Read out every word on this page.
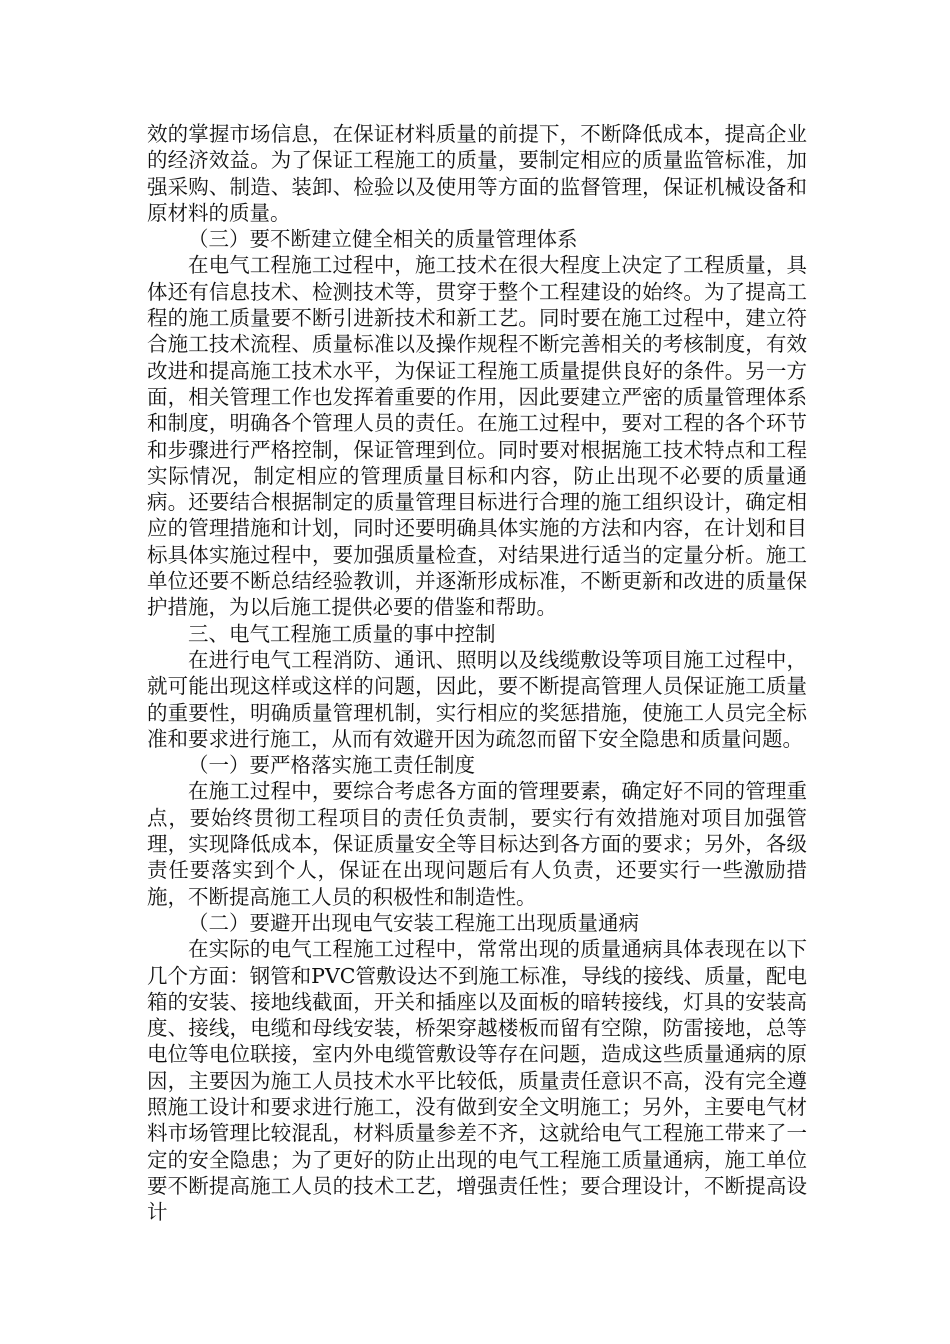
效的掌握市场信息，在保证材料质量的前提下，不断降低成本，提高企业的经济效益。为了保证工程施工的质量，要制定相应的质量监管标准，加强采购、制造、装卸、检验以及使用等方面的监督管理，保证机械设备和原材料的质量。

（三）要不断建立健全相关的质量管理体系

在电气工程施工过程中，施工技术在很大程度上决定了工程质量，具体还有信息技术、检测技术等，贯穿于整个工程建设的始终。为了提高工程的施工质量要不断引进新技术和新工艺。同时要在施工过程中，建立符合施工技术流程、质量标准以及操作规程不断完善相关的考核制度，有效改进和提高施工技术水平，为保证工程施工质量提供良好的条件。另一方面，相关管理工作也发挥着重要的作用，因此要建立严密的质量管理体系和制度，明确各个管理人员的责任。在施工过程中，要对工程的各个环节和步骤进行严格控制，保证管理到位。同时要对根据施工技术特点和工程实际情况，制定相应的管理质量目标和内容，防止出现不必要的质量通病。还要结合根据制定的质量管理目标进行合理的施工组织设计，确定相应的管理措施和计划，同时还要明确具体实施的方法和内容，在计划和目标具体实施过程中，要加强质量检查，对结果进行适当的定量分析。施工单位还要不断总结经验教训，并逐渐形成标准，不断更新和改进的质量保护措施，为以后施工提供必要的借鉴和帮助。

三、电气工程施工质量的事中控制

在进行电气工程消防、通讯、照明以及线缆敷设等项目施工过程中，就可能出现这样或这样的问题，因此，要不断提高管理人员保证施工质量的重要性，明确质量管理机制，实行相应的奖惩措施，使施工人员完全标准和要求进行施工，从而有效避开因为疏忽而留下安全隐患和质量问题。

（一）要严格落实施工责任制度

在施工过程中，要综合考虑各方面的管理要素，确定好不同的管理重点，要始终贯彻工程项目的责任负责制，要实行有效措施对项目加强管理，实现降低成本，保证质量安全等目标达到各方面的要求；另外，各级责任要落实到个人，保证在出现问题后有人负责，还要实行一些激励措施，不断提高施工人员的积极性和制造性。

（二）要避开出现电气安装工程施工出现质量通病

在实际的电气工程施工过程中，常常出现的质量通病具体表现在以下几个方面：钢管和PVC管敷设达不到施工标准，导线的接线、质量，配电箱的安装、接地线截面，开关和插座以及面板的暗转接线，灯具的安装高度、接线，电缆和母线安装，桥架穿越楼板而留有空隙，防雷接地，总等电位等电位联接，室内外电缆管敷设等存在问题，造成这些质量通病的原因，主要因为施工人员技术水平比较低，质量责任意识不高，没有完全遵照施工设计和要求进行施工，没有做到安全文明施工；另外，主要电气材料市场管理比较混乱，材料质量参差不齐，这就给电气工程施工带来了一定的安全隐患；为了更好的防止出现的电气工程施工质量通病，施工单位要不断提高施工人员的技术工艺，增强责任性；要合理设计，不断提高设计
